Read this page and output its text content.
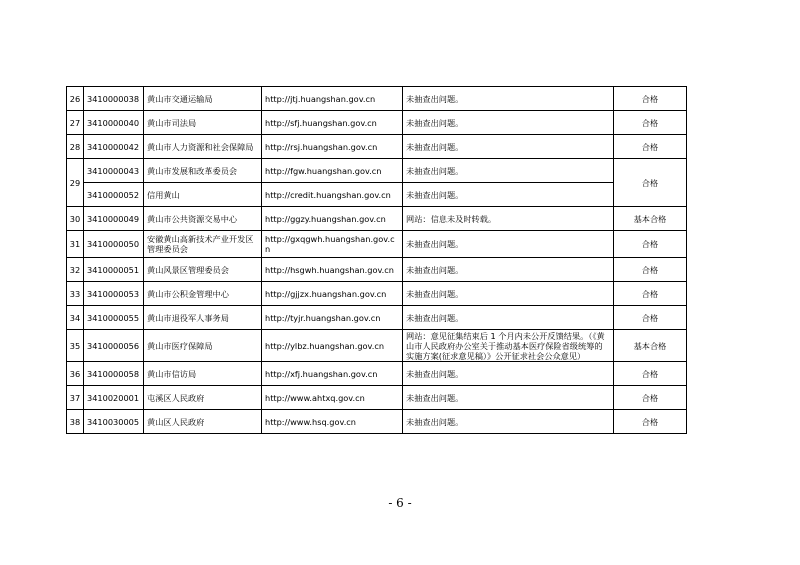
26	3410000038	黄山市交通运输局	http://jtj.huangshan.gov.cn	未抽查出问题。	合格
27	3410000040	黄山市司法局	http://sfj.huangshan.gov.cn	未抽查出问题。	合格
28	3410000042	黄山市人力资源和社会保障局	http://rsj.huangshan.gov.cn	未抽查出问题。	合格
29	3410000043	黄山市发展和改革委员会	http://fgw.huangshan.gov.cn	未抽查出问题。	合格
	3410000052	信用黄山	http://credit.huangshan.gov.cn	未抽查出问题。	
30	3410000049	黄山市公共资源交易中心	http://ggzy.huangshan.gov.cn	网站：信息未及时转载。	基本合格
31	3410000050	安徽黄山高新技术产业开发区管理委员会	http://gxqgwh.huangshan.gov.cn	未抽查出问题。	合格
32	3410000051	黄山风景区管理委员会	http://hsgwh.huangshan.gov.cn	未抽查出问题。	合格
33	3410000053	黄山市公积金管理中心	http://gjjzx.huangshan.gov.cn	未抽查出问题。	合格
34	3410000055	黄山市退役军人事务局	http://tyjr.huangshan.gov.cn	未抽查出问题。	合格
35	3410000056	黄山市医疗保障局	http://ylbz.huangshan.gov.cn	网站：意见征集结束后 1 个月内未公开反馈结果。（《黄山市人民政府办公室关于推动基本医疗保险省级统筹的实施方案(征求意见稿）》公开征求社会公众意见）	基本合格
36	3410000058	黄山市信访局	http://xfj.huangshan.gov.cn	未抽查出问题。	合格
37	3410020001	屯溪区人民政府	http://www.ahtxq.gov.cn	未抽查出问题。	合格
38	3410030005	黄山区人民政府	http://www.hsq.gov.cn	未抽查出问题。	合格
- 6 -
